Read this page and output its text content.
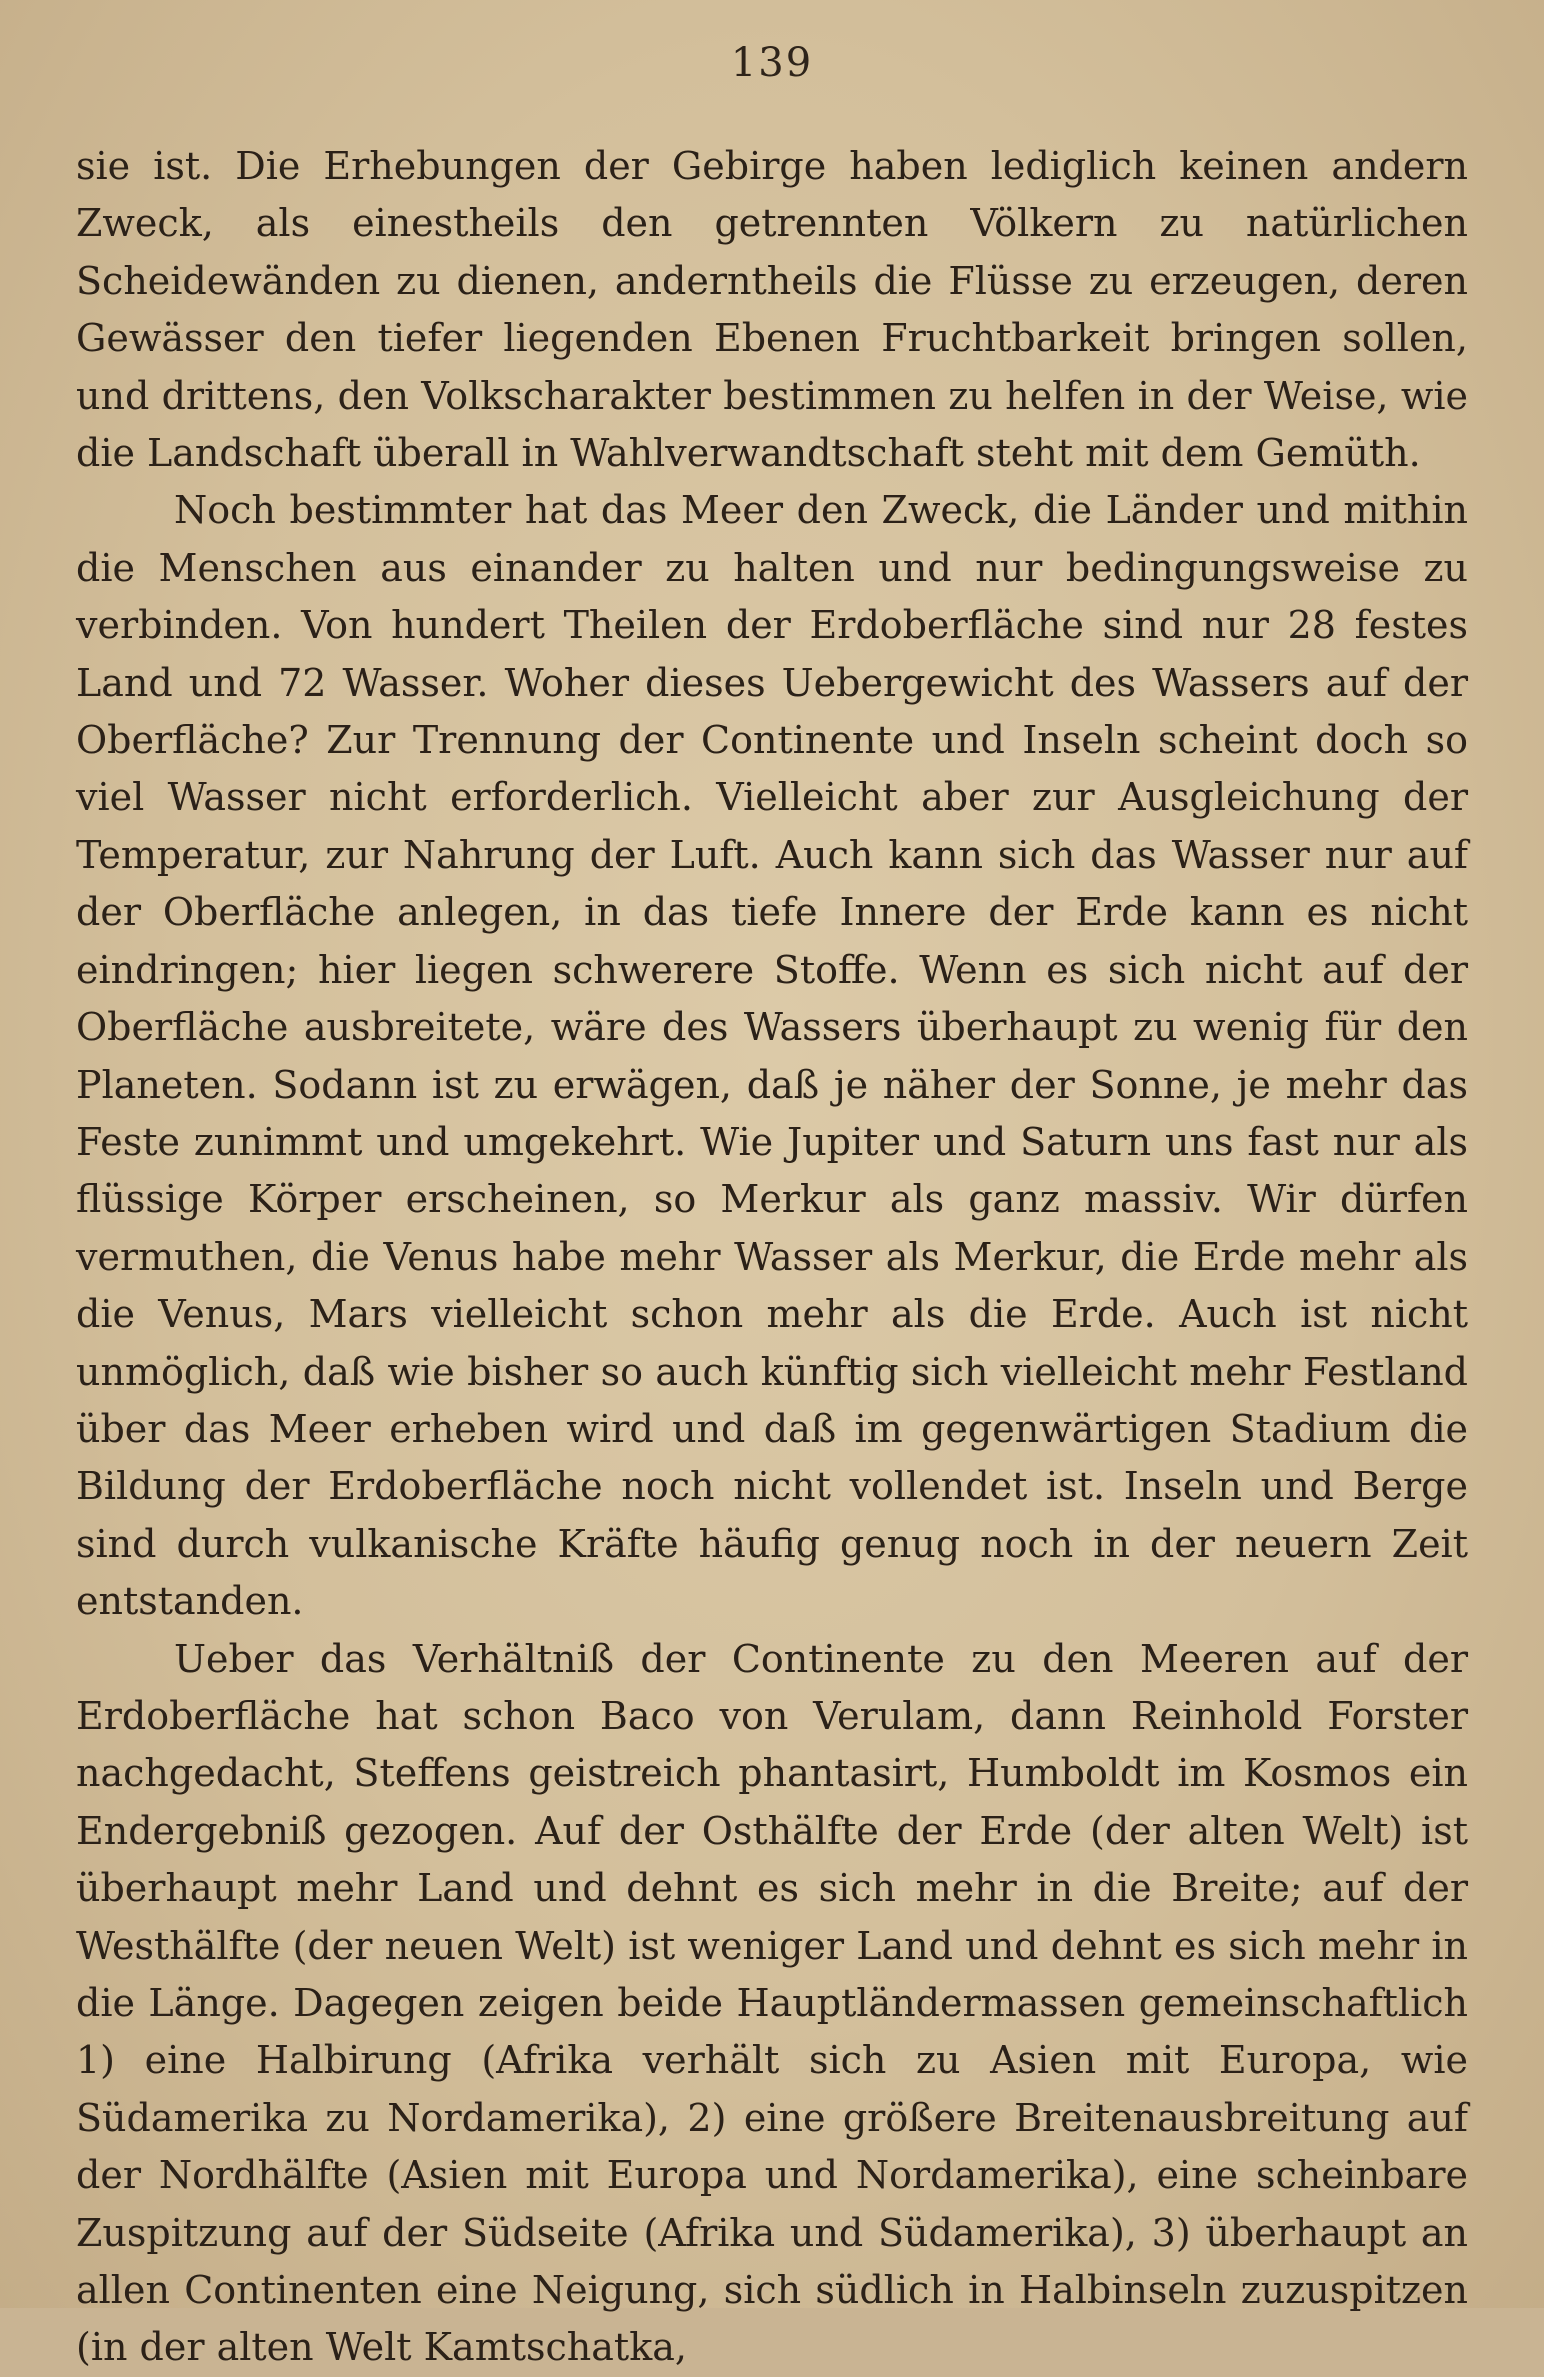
139

sie ist. Die Erhebungen der Gebirge haben lediglich keinen andern Zweck, als einestheils den getrennten Völkern zu natürlichen Scheidewänden zu dienen, anderntheils die Flüsse zu erzeugen, deren Gewässer den tiefer liegenden Ebenen Fruchtbarkeit bringen sollen, und drittens, den Volkscharakter bestimmen zu helfen in der Weise, wie die Landschaft überall in Wahlverwandtschaft steht mit dem Gemüth.

Noch bestimmter hat das Meer den Zweck, die Länder und mithin die Menschen aus einander zu halten und nur bedingungsweise zu verbinden. Von hundert Theilen der Erdoberfläche sind nur 28 festes Land und 72 Wasser. Woher dieses Uebergewicht des Wassers auf der Oberfläche? Zur Trennung der Continente und Inseln scheint doch so viel Wasser nicht erforderlich. Vielleicht aber zur Ausgleichung der Temperatur, zur Nahrung der Luft. Auch kann sich das Wasser nur auf der Oberfläche anlegen, in das tiefe Innere der Erde kann es nicht eindringen; hier liegen schwerere Stoffe. Wenn es sich nicht auf der Oberfläche ausbreitete, wäre des Wassers überhaupt zu wenig für den Planeten. Sodann ist zu erwägen, daß je näher der Sonne, je mehr das Feste zunimmt und umgekehrt. Wie Jupiter und Saturn uns fast nur als flüssige Körper erscheinen, so Merkur als ganz massiv. Wir dürfen vermuthen, die Venus habe mehr Wasser als Merkur, die Erde mehr als die Venus, Mars vielleicht schon mehr als die Erde. Auch ist nicht unmöglich, daß wie bisher so auch künftig sich vielleicht mehr Festland über das Meer erheben wird und daß im gegenwärtigen Stadium die Bildung der Erdoberfläche noch nicht vollendet ist. Inseln und Berge sind durch vulkanische Kräfte häufig genug noch in der neuern Zeit entstanden.

Ueber das Verhältniß der Continente zu den Meeren auf der Erdoberfläche hat schon Baco von Verulam, dann Reinhold Forster nachgedacht, Steffens geistreich phantasirt, Humboldt im Kosmos ein Endergebniß gezogen. Auf der Osthälfte der Erde (der alten Welt) ist überhaupt mehr Land und dehnt es sich mehr in die Breite; auf der Westhälfte (der neuen Welt) ist weniger Land und dehnt es sich mehr in die Länge. Dagegen zeigen beide Hauptländermassen gemeinschaftlich 1) eine Halbirung (Afrika verhält sich zu Asien mit Europa, wie Südamerika zu Nordamerika), 2) eine größere Breitenausbreitung auf der Nordhälfte (Asien mit Europa und Nordamerika), eine scheinbare Zuspitzung auf der Südseite (Afrika und Südamerika), 3) überhaupt an allen Continenten eine Neigung, sich südlich in Halbinseln zuzuspitzen (in der alten Welt Kamtschatka,
